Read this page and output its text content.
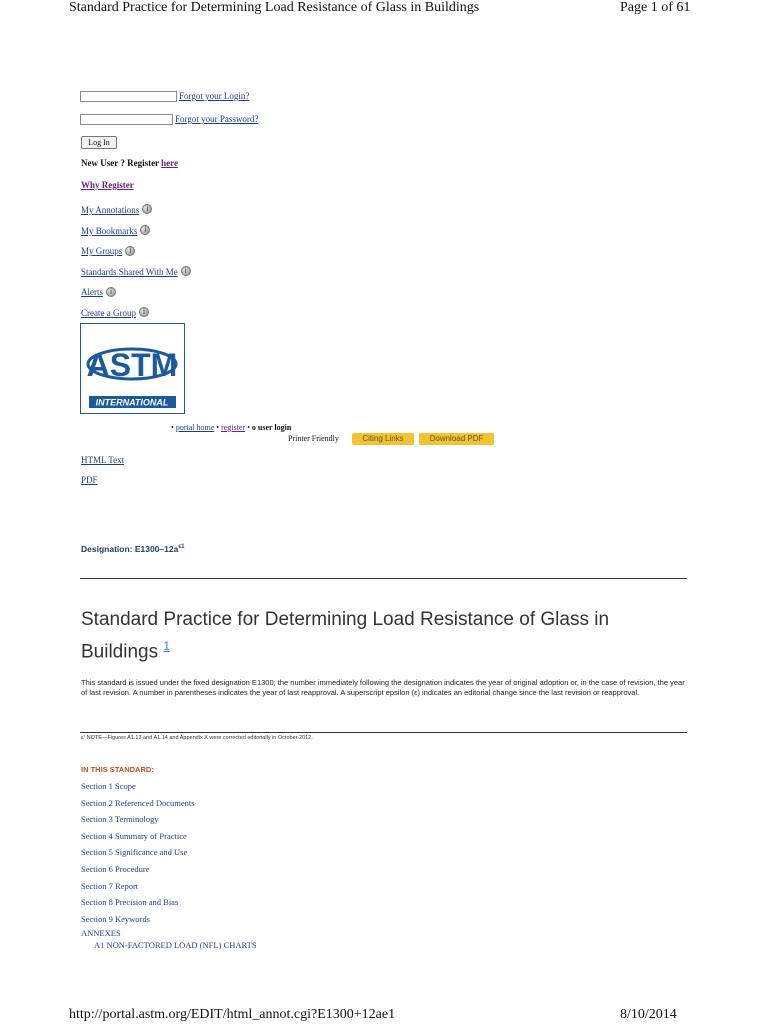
Standard Practice for Determining Load Resistance of Glass in Buildings	Page 1 of 61
Forgot your Login?
Forgot your Password?
Log In
New User ? Register here
Why Register
My Annotations i
My Bookmarks i
My Groups i
Standards Shared With Me i
Alerts i
Create a Group i
ASTM
INTERNATIONAL
• portal home • register • o user login
Printer Friendly	Citing Links	Download PDF
HTML Text
PDF
Designation: $E1300-12a^{\varepsilon 1}$
Standard Practice for Determining Load Resistance of Glass in
Buildings $^1$
This standard is issued under the fixed designation E1300; the number immediately following the designation indicates the year of original adoption or, in the case of revision, the year of last revision. A number in parentheses indicates the year of last reapproval. A superscript epsilon (ε) indicates an editorial change since the last revision or reapproval.
ε¹ NOTE—Figures A1.13 and A1.14 and Appendix X were corrected editorially in October 2012.
IN THIS STANDARD:
Section 1 Scope
Section 2 Referenced Documents
Section 3 Terminology
Section 4 Summary of Practice
Section 5 Significance and Use
Section 6 Procedure
Section 7 Report
Section 8 Precision and Bias
Section 9 Keywords
ANNEXES
A1 NON-FACTORED LOAD (NFL) CHARTS
http://portal.astm.org/EDIT/html_annot.cgi?E1300+12ae1	8/10/2014
